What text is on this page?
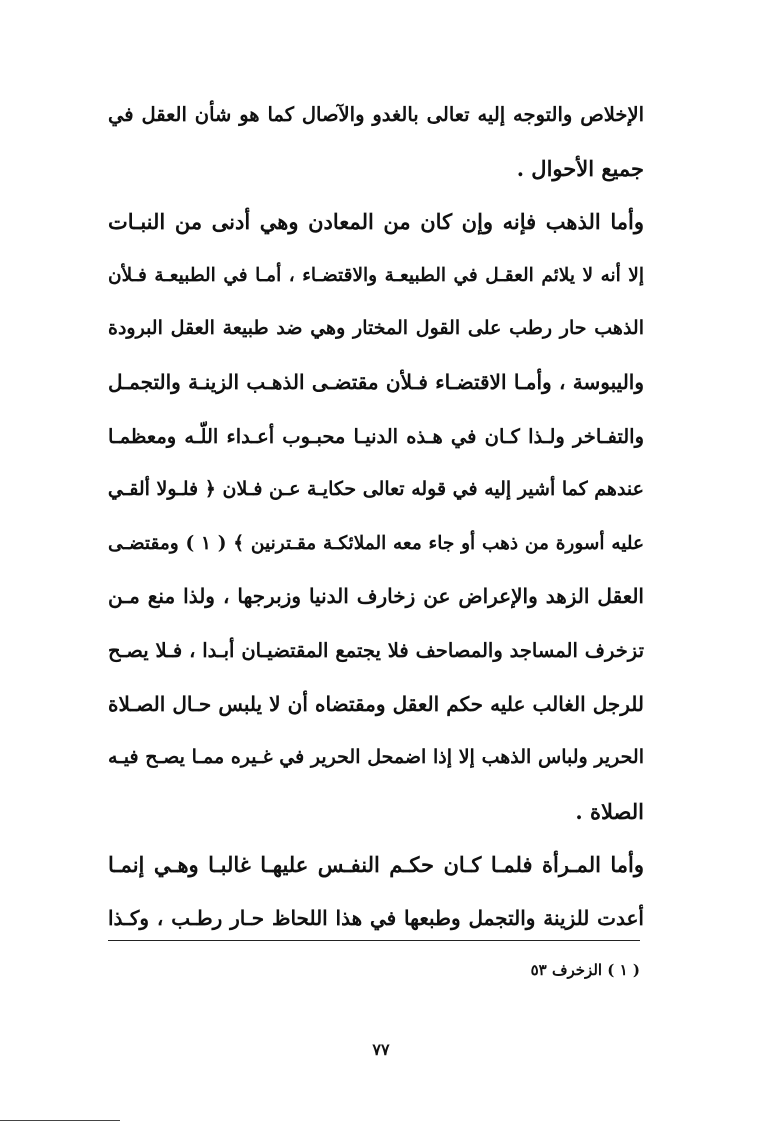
الإخلاص والتوجه إليه تعالى بالغدو والآصال كما هو شأن العقل في
جميع الأحوال .
وأما الذهب فإنه وإن كان من المعادن وهي أدنى من النبـات
إلا أنه لا يلائم العقـل في الطبيعـة والاقتضـاء ، أمـا في الطبيعـة فـلأن
الذهب حار رطب على القول المختار وهي ضد طبيعة العقل البرودة
واليبوسة ، وأمـا الاقتضـاء فـلأن مقتضـى الذهـب الزينـة والتجمـل
والتفـاخر ولـذا كـان في هـذه الدنيـا محبـوب أعـداء اللّـه ومعظمـا
عندهم كما أشير إليه في قوله تعالى حكايـة عـن فـلان ﴿ فلـولا ألقـي
عليه أسورة من ذهب أو جاء معه الملائكـة مقـترنين ﴾ ( ١ ) ومقتضـى
العقل الزهد والإعراض عن زخارف الدنيا وزبرجها ، ولذا منع مـن
تزخرف المساجد والمصاحف فلا يجتمع المقتضيـان أبـدا ، فـلا يصـح
للرجل الغالب عليه حكم العقل ومقتضاه أن لا يلبس حـال الصـلاة
الحرير ولباس الذهب إلا إذا اضمحل الحرير في غـيره ممـا يصـح فيـه
الصلاة .
وأما المـرأة فلمـا كـان حكـم النفـس عليهـا غالبـا وهـي إنمـا
أعدت للزينة والتجمل وطبعها في هذا اللحاظ حـار رطـب ، وكـذا
( ١ ) الزخرف ٥٣
٧٧
